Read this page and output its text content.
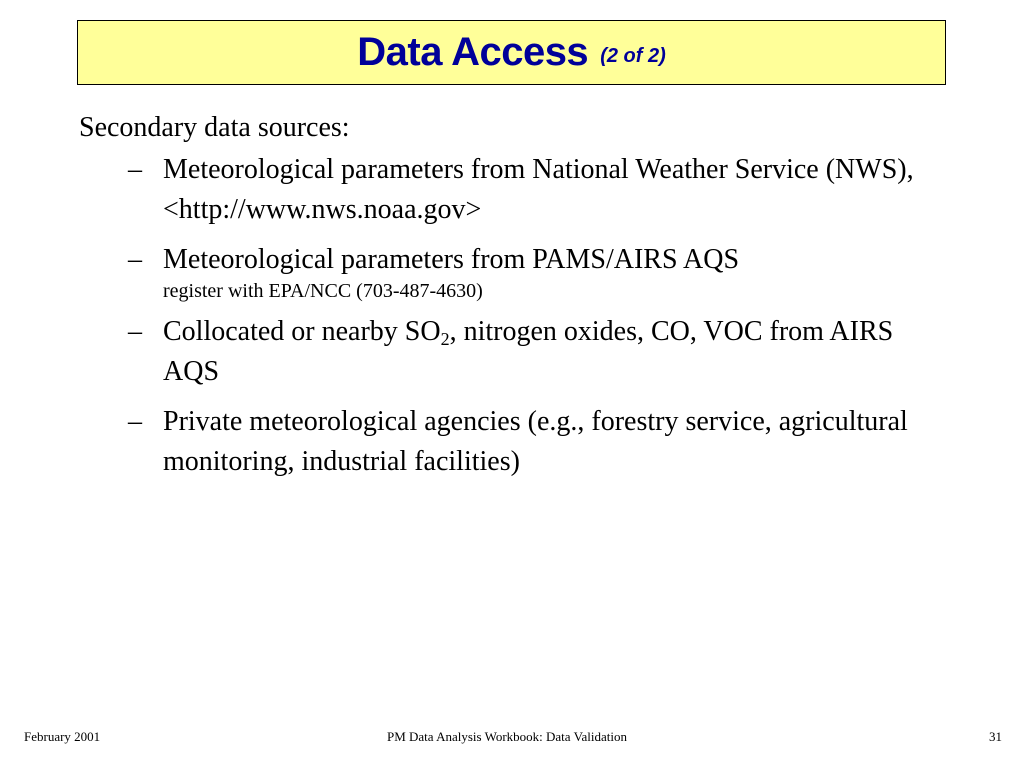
Data Access (2 of 2)

Secondary data sources:

– Meteorological parameters from National Weather Service (NWS), <http://www.nws.noaa.gov>
– Meteorological parameters from PAMS/AIRS AQS
register with EPA/NCC (703-487-4630)
– Collocated or nearby $SO_2$, nitrogen oxides, CO, VOC from AIRS AQS
– Private meteorological agencies (e.g., forestry service, agricultural monitoring, industrial facilities)
PM Data Analysis Workbook: Data Validation
February 2001	31
